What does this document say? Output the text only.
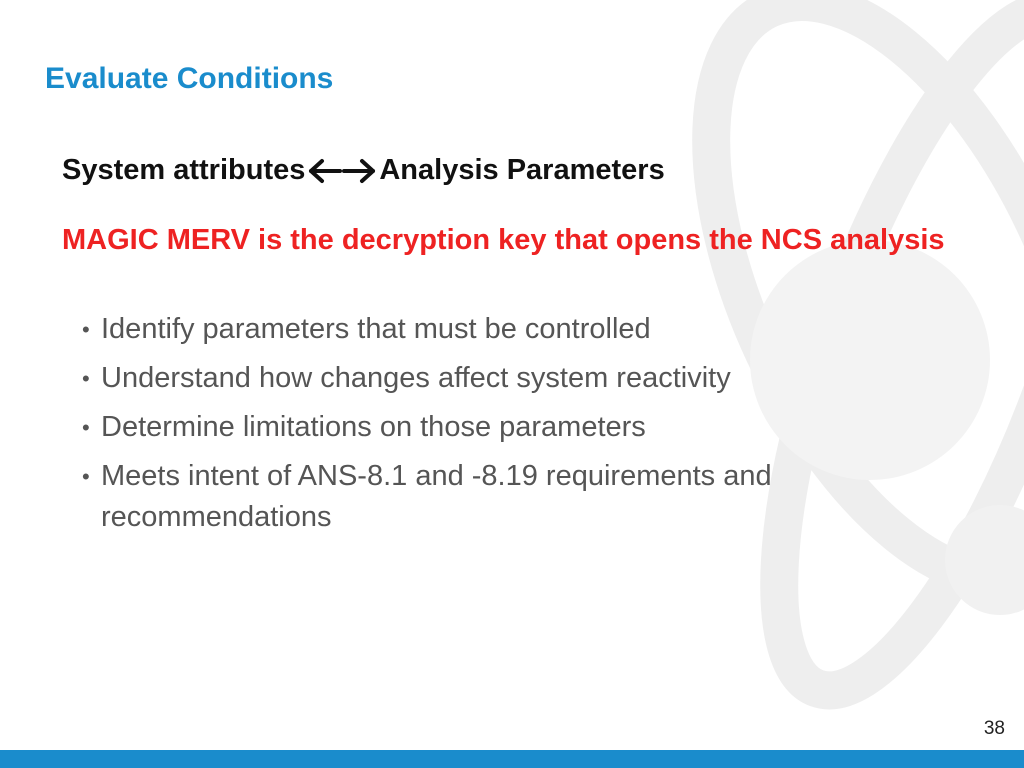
Evaluate Conditions
System attributes	Analysis Parameters
MAGIC MERV is the decryption key that opens the NCS analysis
• Identify parameters that must be controlled
• Understand how changes affect system reactivity
• Determine limitations on those parameters
• Meets intent of ANS-8.1 and -8.19 requirements and recommendations
38
